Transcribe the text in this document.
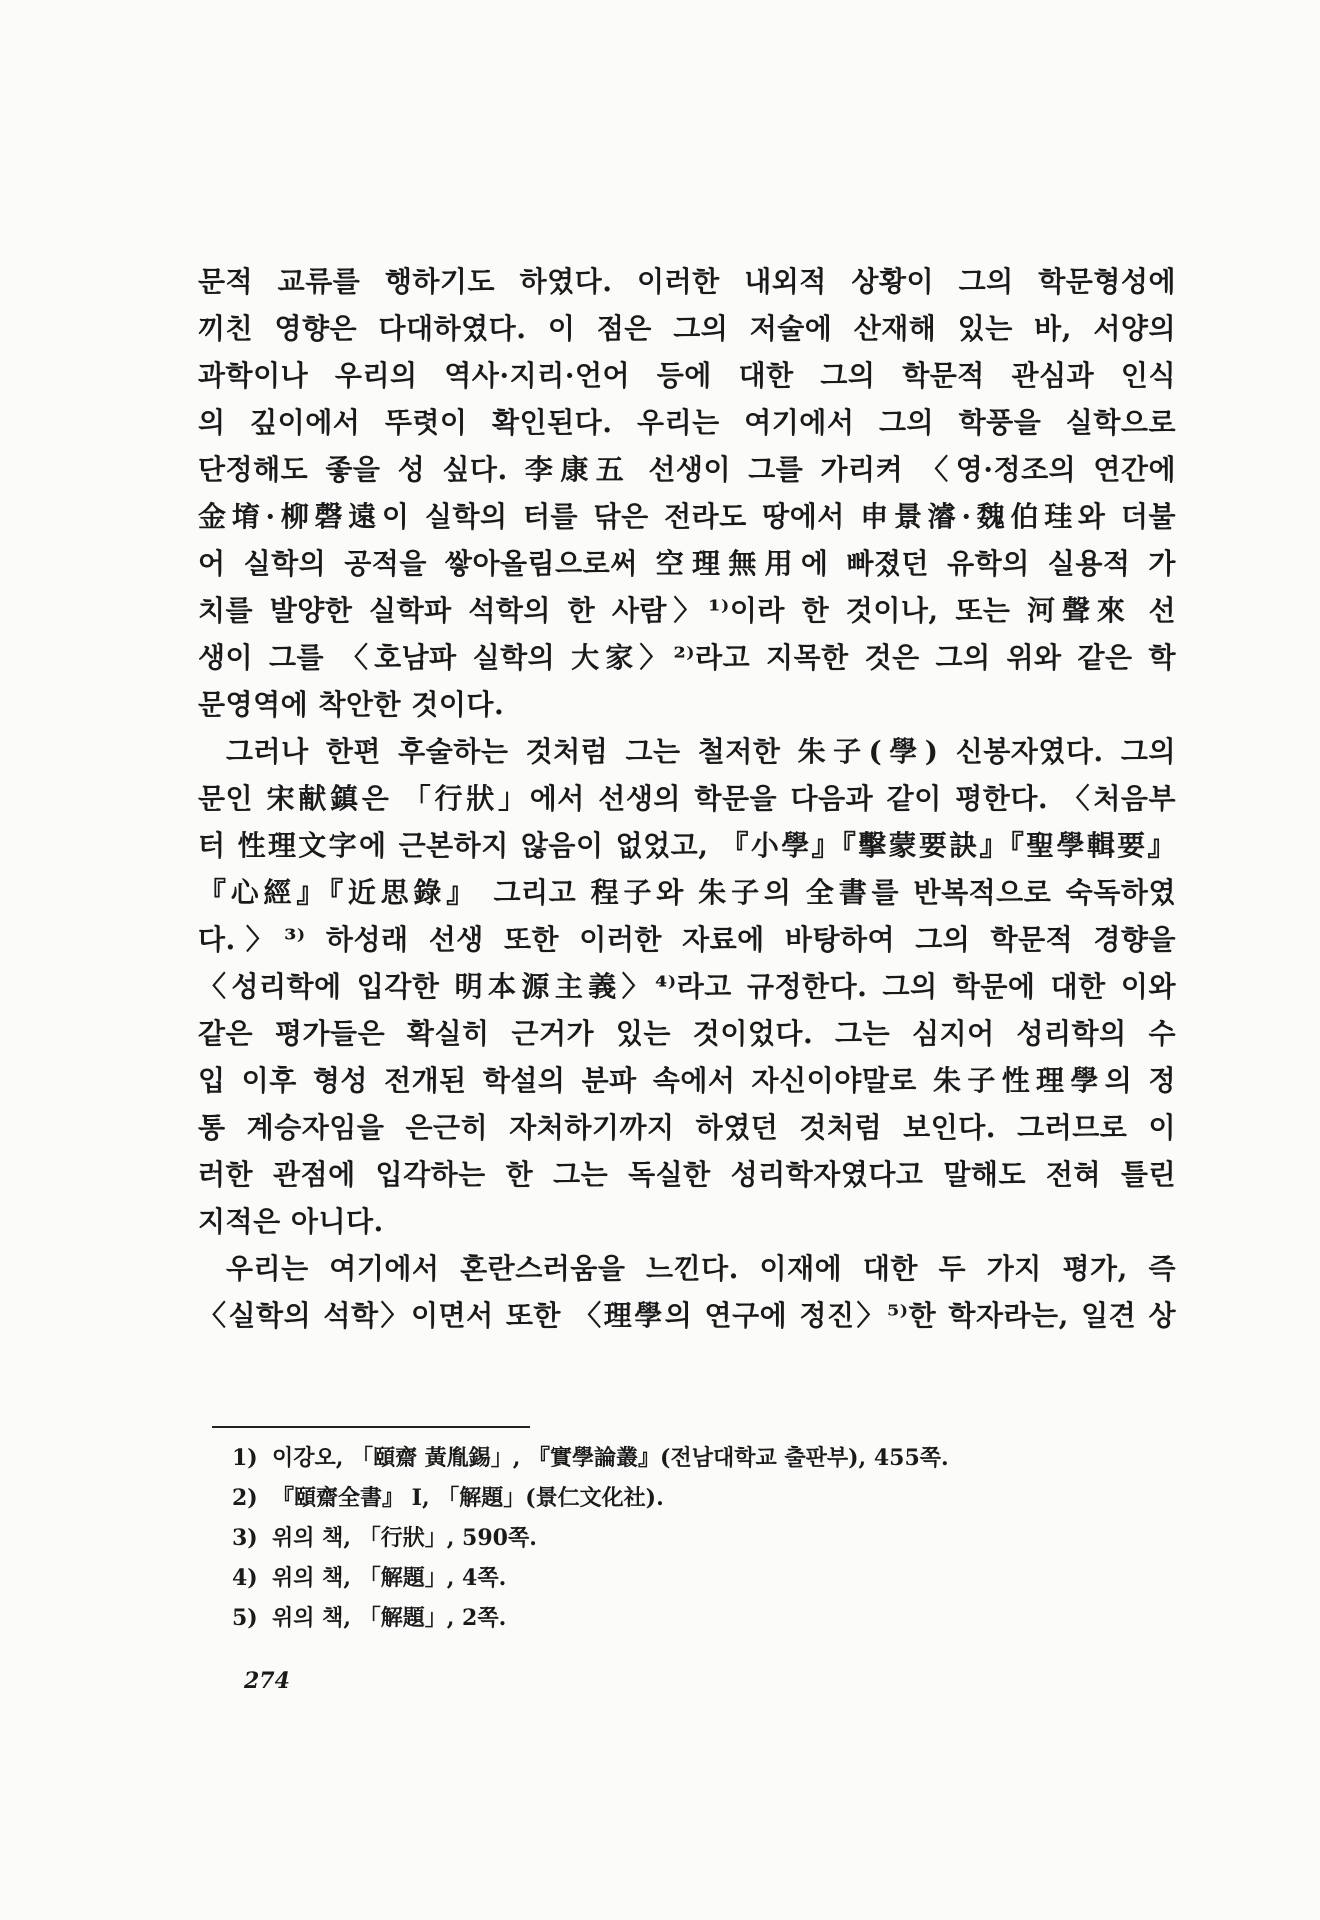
문적 교류를 행하기도 하였다. 이러한 내외적 상황이 그의 학문형성에
끼친 영향은 다대하였다. 이 점은 그의 저술에 산재해 있는 바, 서양의
과학이나 우리의 역사·지리·언어 등에 대한 그의 학문적 관심과 인식
의 깊이에서 뚜렷이 확인된다. 우리는 여기에서 그의 학풍을 실학으로
단정해도 좋을 성 싶다. 李康五 선생이 그를 가리켜 〈영·정조의 연간에
金堉·柳磬遠이 실학의 터를 닦은 전라도 땅에서 申景濬·魏伯珪와 더불
어 실학의 공적을 쌓아올림으로써 空理無用에 빠졌던 유학의 실용적 가
치를 발양한 실학파 석학의 한 사람〉¹⁾이라 한 것이나, 또는 河聲來 선
생이 그를 〈호남파 실학의 大家〉²⁾라고 지목한 것은 그의 위와 같은 학
문영역에 착안한 것이다.
그러나 한편 후술하는 것처럼 그는 철저한 朱子(學) 신봉자였다. 그의
문인 宋献鎮은 「行狀」에서 선생의 학문을 다음과 같이 평한다. 〈처음부
터 性理文字에 근본하지 않음이 없었고, 『小學』『擊蒙要訣』『聖學輯要』
『心經』『近思錄』 그리고 程子와 朱子의 全書를 반복적으로 숙독하였
다.〉³⁾ 하성래 선생 또한 이러한 자료에 바탕하여 그의 학문적 경향을
〈성리학에 입각한 明本源主義〉⁴⁾라고 규정한다. 그의 학문에 대한 이와
같은 평가들은 확실히 근거가 있는 것이었다. 그는 심지어 성리학의 수
입 이후 형성 전개된 학설의 분파 속에서 자신이야말로 朱子性理學의 정
통 계승자임을 은근히 자처하기까지 하였던 것처럼 보인다. 그러므로 이
러한 관점에 입각하는 한 그는 독실한 성리학자였다고 말해도 전혀 틀린
지적은 아니다.
우리는 여기에서 혼란스러움을 느낀다. 이재에 대한 두 가지 평가, 즉
〈실학의 석학〉이면서 또한 〈理學의 연구에 정진〉⁵⁾한 학자라는, 일견 상
1) 이강오, 「頤齋 黃胤錫」, 『實學論叢』(전남대학교 출판부), 455쪽.
2) 『頤齋全書』 I, 「解題」(景仁文化社).
3) 위의 책, 「行狀」, 590쪽.
4) 위의 책, 「解題」, 4쪽.
5) 위의 책, 「解題」, 2쪽.
274
